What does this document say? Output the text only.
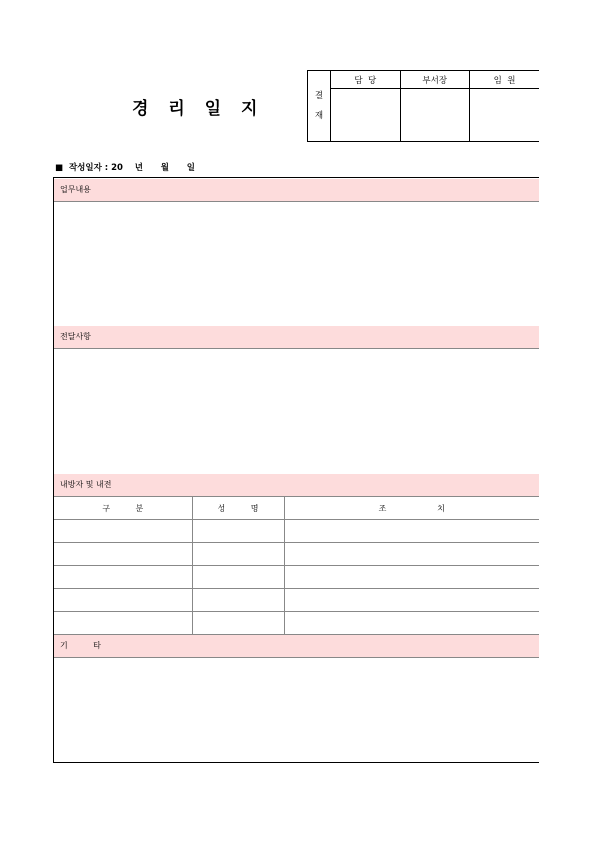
경 리 일 지
결
재	담  당	부서장	임  원

■  작성일자 : 20    년      월      일
업무내용
전달사항
내방자 및 내전
구          분	성          명	조                    치

기          타
